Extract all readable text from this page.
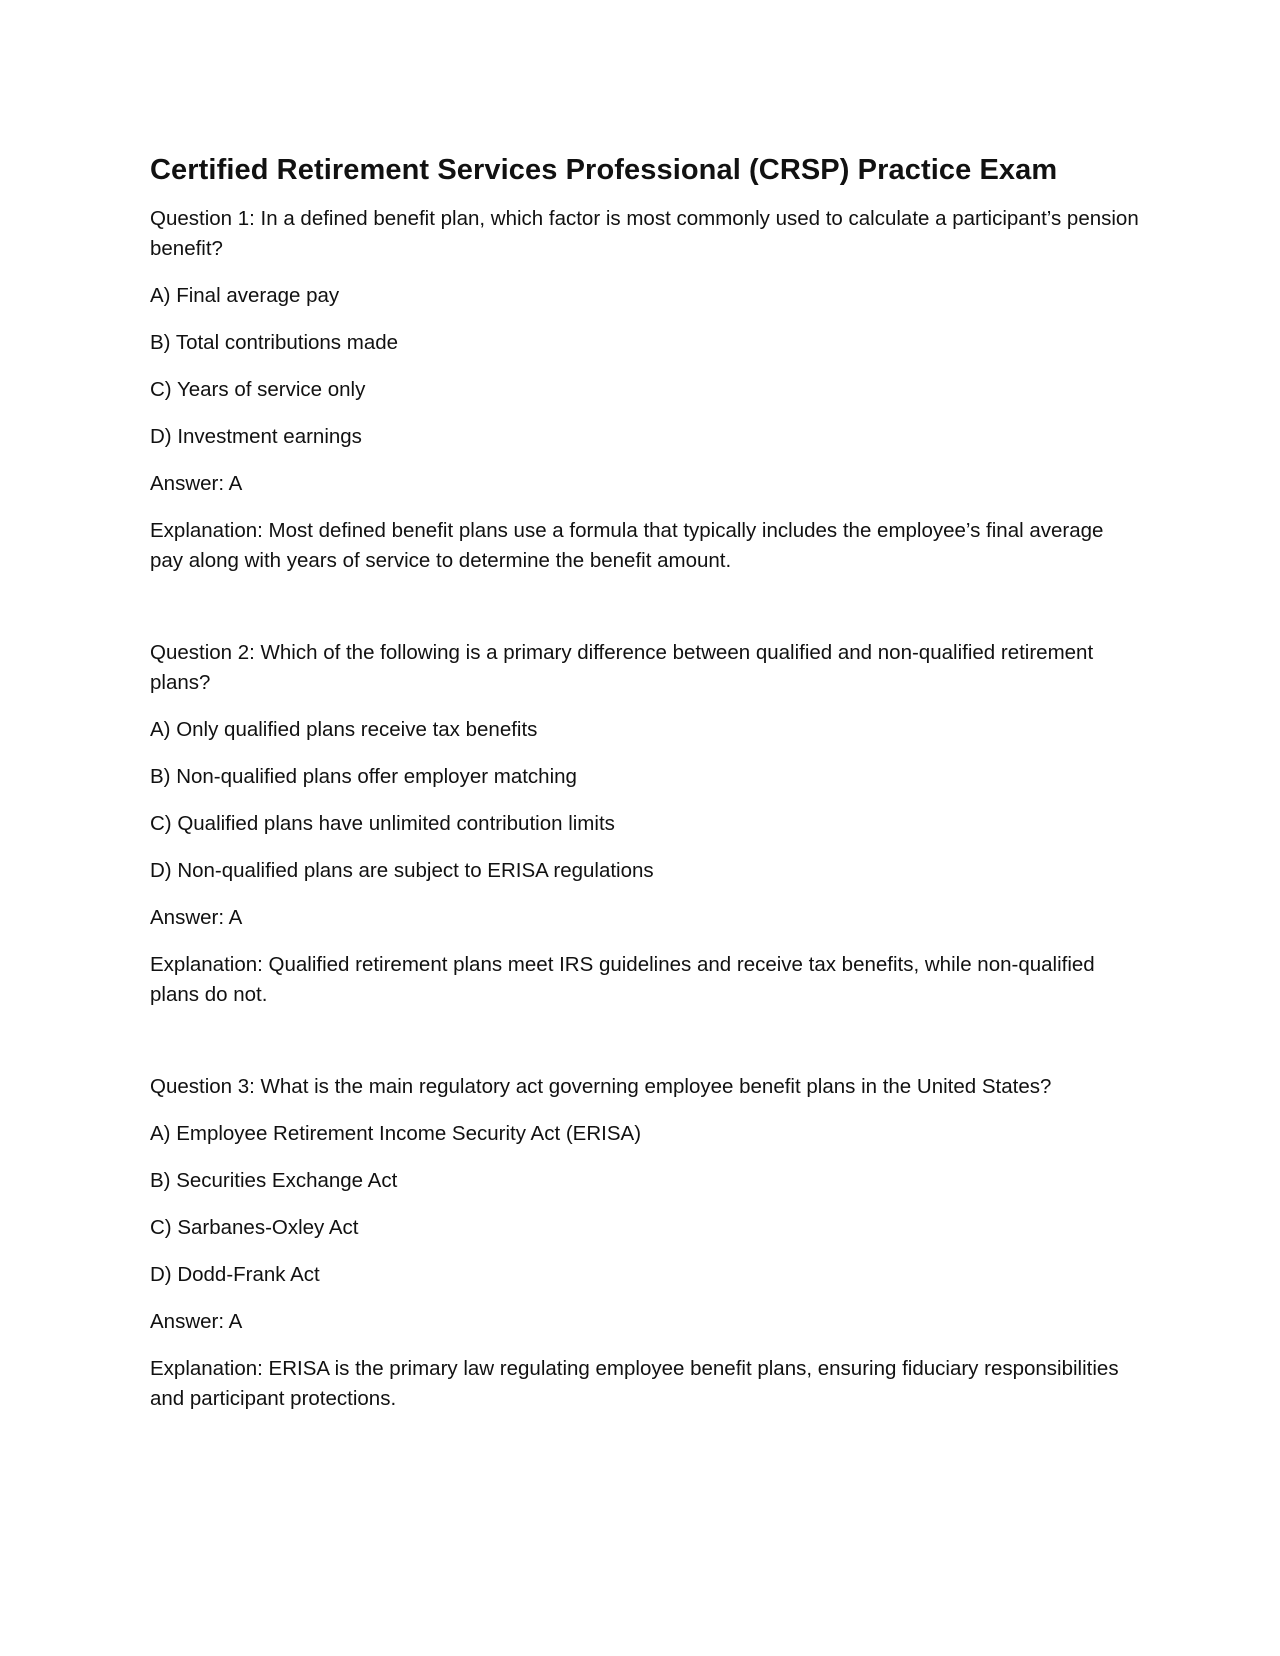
Certified Retirement Services Professional (CRSP) Practice Exam

Question 1: In a defined benefit plan, which factor is most commonly used to calculate a participant’s pension benefit?

A) Final average pay
B) Total contributions made
C) Years of service only
D) Investment earnings

Answer: A

Explanation: Most defined benefit plans use a formula that typically includes the employee’s final average pay along with years of service to determine the benefit amount.

Question 2: Which of the following is a primary difference between qualified and non-qualified retirement plans?

A) Only qualified plans receive tax benefits
B) Non-qualified plans offer employer matching
C) Qualified plans have unlimited contribution limits
D) Non-qualified plans are subject to ERISA regulations

Answer: A

Explanation: Qualified retirement plans meet IRS guidelines and receive tax benefits, while non-qualified plans do not.

Question 3: What is the main regulatory act governing employee benefit plans in the United States?

A) Employee Retirement Income Security Act (ERISA)
B) Securities Exchange Act
C) Sarbanes-Oxley Act
D) Dodd-Frank Act

Answer: A

Explanation: ERISA is the primary law regulating employee benefit plans, ensuring fiduciary responsibilities and participant protections.
